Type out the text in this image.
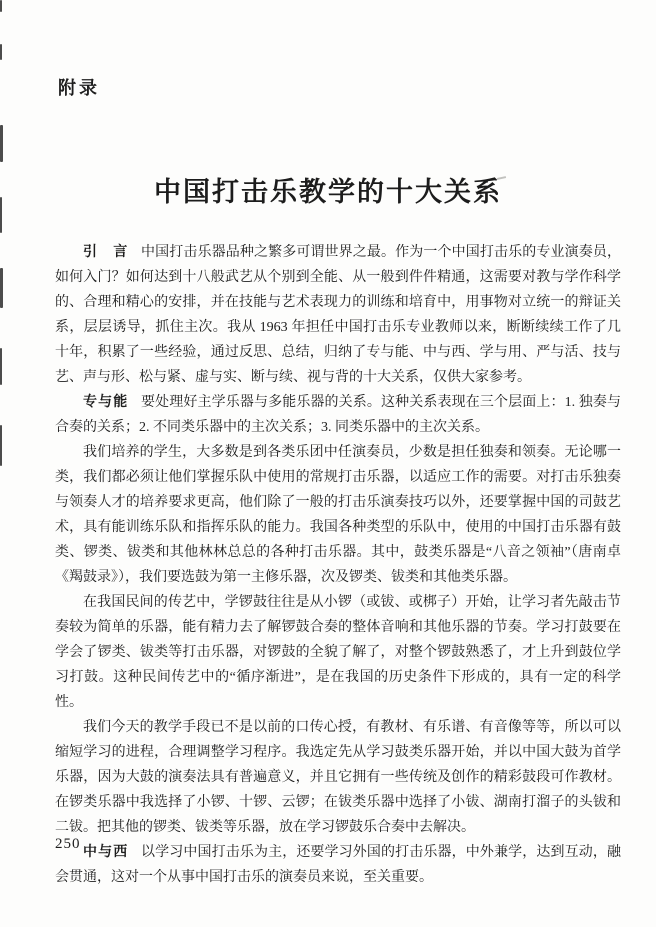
附录
中国打击乐教学的十大关系

引　言 中国打击乐器品种之繁多可谓世界之最。作为一个中国打击乐的专业演奏员，如何入门？如何达到十八般武艺从个别到全能、从一般到件件精通，这需要对教与学作科学的、合理和精心的安排，并在技能与艺术表现力的训练和培育中，用事物对立统一的辩证关系，层层诱导，抓住主次。我从 1963 年担任中国打击乐专业教师以来，断断续续工作了几十年，积累了一些经验，通过反思、总结，归纳了专与能、中与西、学与用、严与活、技与艺、声与形、松与紧、虚与实、断与续、视与背的十大关系，仅供大家参考。

专与能 要处理好主学乐器与多能乐器的关系。这种关系表现在三个层面上：1. 独奏与合奏的关系；2. 不同类乐器中的主次关系；3. 同类乐器中的主次关系。

我们培养的学生，大多数是到各类乐团中任演奏员，少数是担任独奏和领奏。无论哪一类，我们都必须让他们掌握乐队中使用的常规打击乐器，以适应工作的需要。对打击乐独奏与领奏人才的培养要求更高，他们除了一般的打击乐演奏技巧以外，还要掌握中国的司鼓艺术，具有能训练乐队和指挥乐队的能力。我国各种类型的乐队中，使用的中国打击乐器有鼓类、锣类、钹类和其他林林总总的各种打击乐器。其中，鼓类乐器是“八音之领袖”（唐南卓《羯鼓录》），我们要选鼓为第一主修乐器，次及锣类、钹类和其他类乐器。

在我国民间的传艺中，学锣鼓往往是从小锣（或钹、或梆子）开始，让学习者先敲击节奏较为简单的乐器，能有精力去了解锣鼓合奏的整体音响和其他乐器的节奏。学习打鼓要在学会了锣类、钹类等打击乐器，对锣鼓的全貌了解了，对整个锣鼓熟悉了，才上升到鼓位学习打鼓。这种民间传艺中的“循序渐进”，是在我国的历史条件下形成的，具有一定的科学性。

我们今天的教学手段已不是以前的口传心授，有教材、有乐谱、有音像等等，所以可以缩短学习的进程，合理调整学习程序。我选定先从学习鼓类乐器开始，并以中国大鼓为首学乐器，因为大鼓的演奏法具有普遍意义，并且它拥有一些传统及创作的精彩鼓段可作教材。在锣类乐器中我选择了小锣、十锣、云锣；在钹类乐器中选择了小钹、湖南打溜子的头钹和二钹。把其他的锣类、钹类等乐器，放在学习锣鼓乐合奏中去解决。

中与西 以学习中国打击乐为主，还要学习外国的打击乐器，中外兼学，达到互动，融会贯通，这对一个从事中国打击乐的演奏员来说，至关重要。

250
